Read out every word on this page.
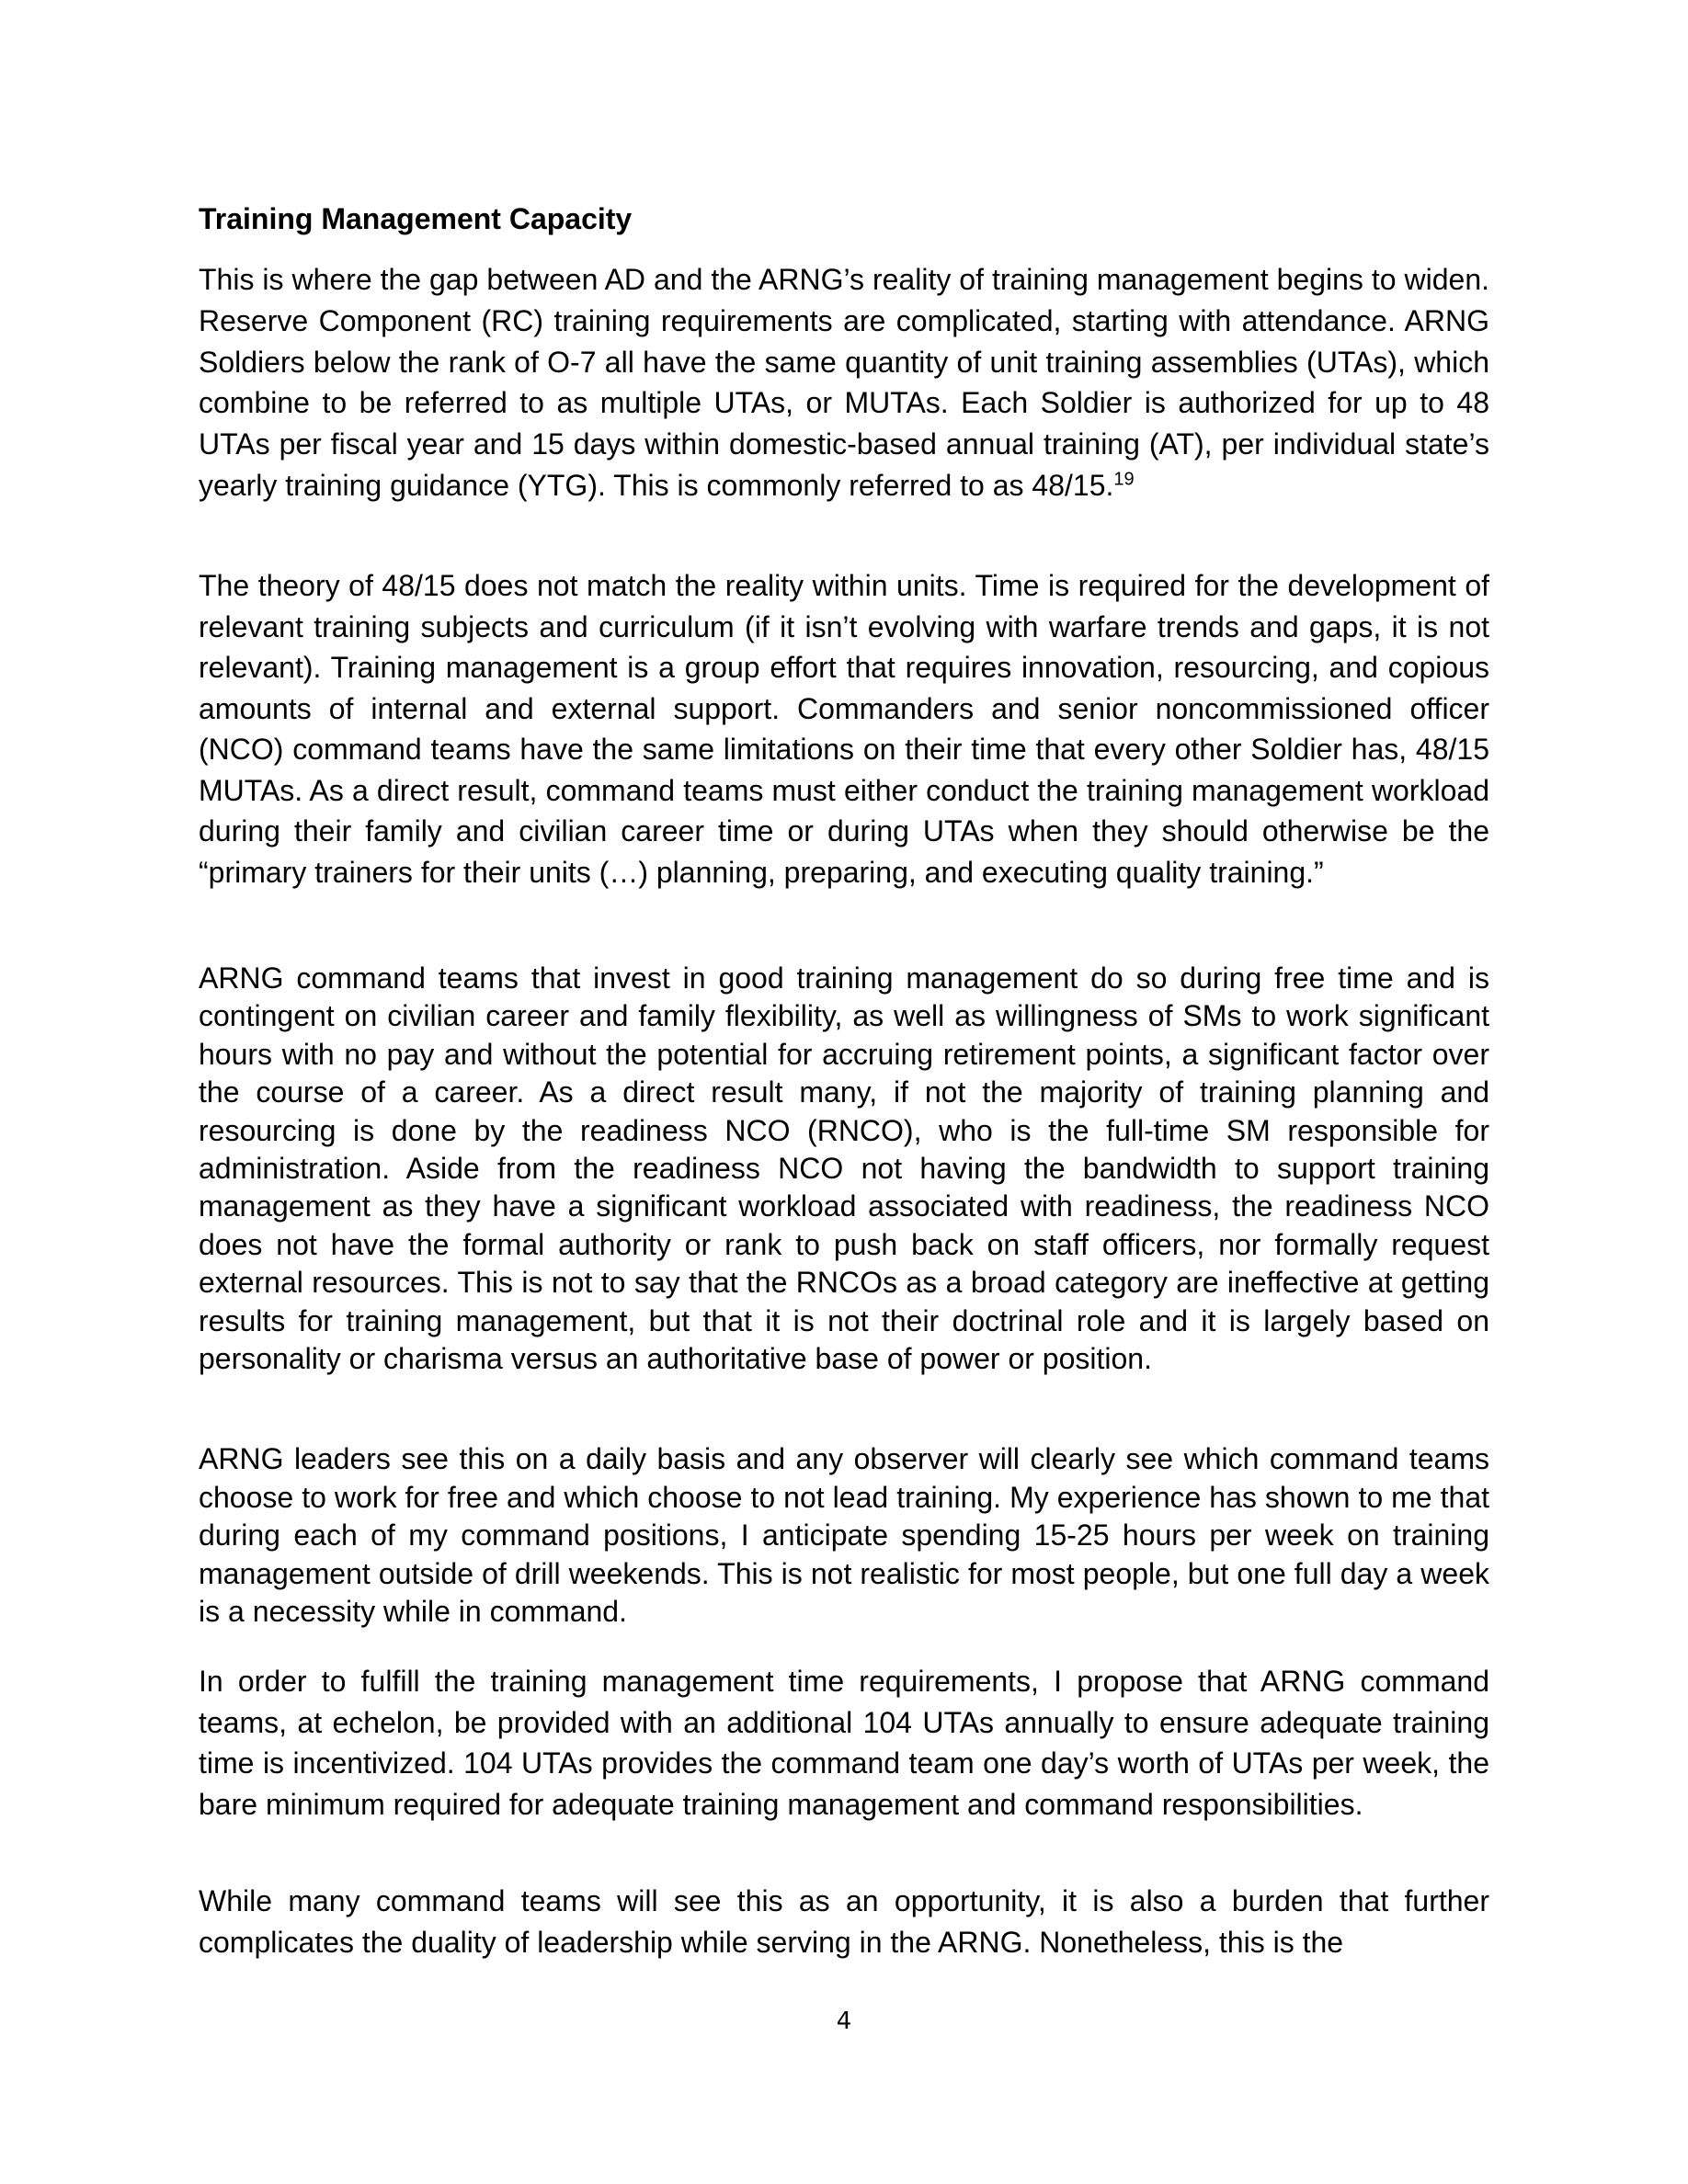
Training Management Capacity

This is where the gap between AD and the ARNG’s reality of training management begins to widen. Reserve Component (RC) training requirements are complicated, starting with attendance. ARNG Soldiers below the rank of O-7 all have the same quantity of unit training assemblies (UTAs), which combine to be referred to as multiple UTAs, or MUTAs. Each Soldier is authorized for up to 48 UTAs per fiscal year and 15 days within domestic-based annual training (AT), per individual state’s yearly training guidance (YTG). This is commonly referred to as 48/15.19

The theory of 48/15 does not match the reality within units. Time is required for the development of relevant training subjects and curriculum (if it isn’t evolving with warfare trends and gaps, it is not relevant). Training management is a group effort that requires innovation, resourcing, and copious amounts of internal and external support. Commanders and senior noncommissioned officer (NCO) command teams have the same limitations on their time that every other Soldier has, 48/15 MUTAs. As a direct result, command teams must either conduct the training management workload during their family and civilian career time or during UTAs when they should otherwise be the “primary trainers for their units (…) planning, preparing, and executing quality training.”

ARNG command teams that invest in good training management do so during free time and is contingent on civilian career and family flexibility, as well as willingness of SMs to work significant hours with no pay and without the potential for accruing retirement points, a significant factor over the course of a career. As a direct result many, if not the majority of training planning and resourcing is done by the readiness NCO (RNCO), who is the full-time SM responsible for administration. Aside from the readiness NCO not having the bandwidth to support training management as they have a significant workload associated with readiness, the readiness NCO does not have the formal authority or rank to push back on staff officers, nor formally request external resources. This is not to say that the RNCOs as a broad category are ineffective at getting results for training management, but that it is not their doctrinal role and it is largely based on personality or charisma versus an authoritative base of power or position.

ARNG leaders see this on a daily basis and any observer will clearly see which command teams choose to work for free and which choose to not lead training. My experience has shown to me that during each of my command positions, I anticipate spending 15-25 hours per week on training management outside of drill weekends. This is not realistic for most people, but one full day a week is a necessity while in command.

In order to fulfill the training management time requirements, I propose that ARNG command teams, at echelon, be provided with an additional 104 UTAs annually to ensure adequate training time is incentivized. 104 UTAs provides the command team one day’s worth of UTAs per week, the bare minimum required for adequate training management and command responsibilities.

While many command teams will see this as an opportunity, it is also a burden that further complicates the duality of leadership while serving in the ARNG. Nonetheless, this is the

4
